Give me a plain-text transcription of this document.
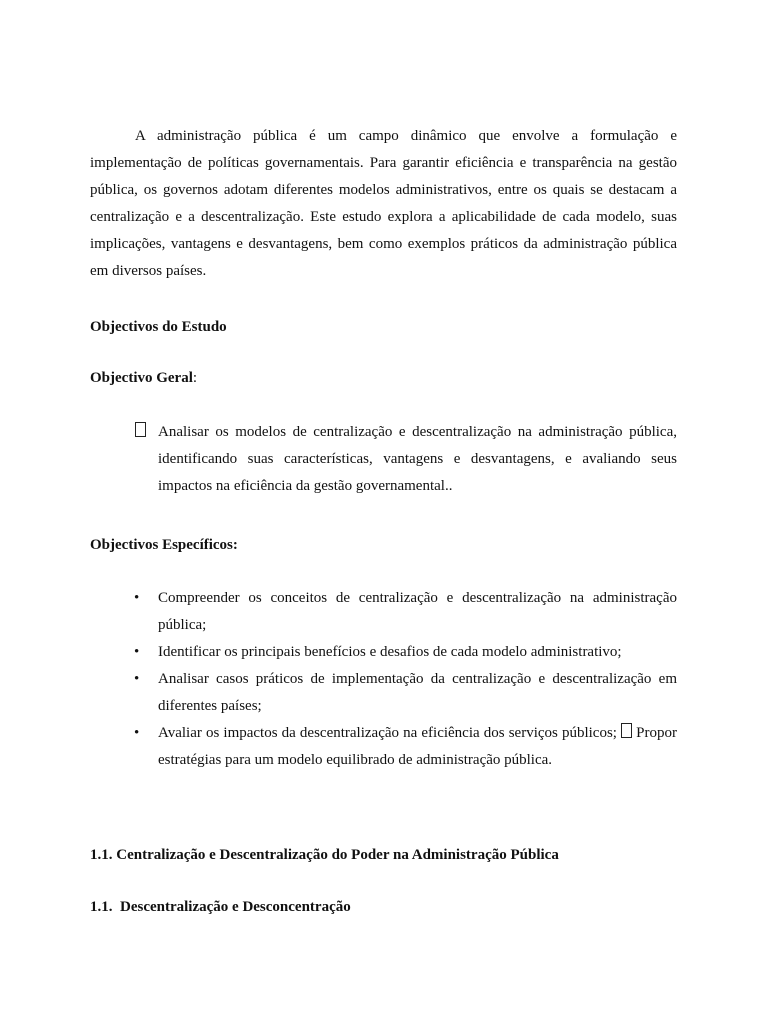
A administração pública é um campo dinâmico que envolve a formulação e implementação de políticas governamentais. Para garantir eficiência e transparência na gestão pública, os governos adotam diferentes modelos administrativos, entre os quais se destacam a centralização e a descentralização. Este estudo explora a aplicabilidade de cada modelo, suas implicações, vantagens e desvantagens, bem como exemplos práticos da administração pública em diversos países.

Objectivos do Estudo

Objectivo Geral:

Analisar os modelos de centralização e descentralização na administração pública, identificando suas características, vantagens e desvantagens, e avaliando seus impactos na eficiência da gestão governamental..

Objectivos Específicos:

• Compreender os conceitos de centralização e descentralização na administração pública;
• Identificar os principais benefícios e desafios de cada modelo administrativo;
• Analisar casos práticos de implementação da centralização e descentralização em diferentes países;
• Avaliar os impactos da descentralização na eficiência dos serviços públicos; Propor estratégias para um modelo equilibrado de administração pública.

1.1. Centralização e Descentralização do Poder na Administração Pública

1.1.  Descentralização e Desconcentração
